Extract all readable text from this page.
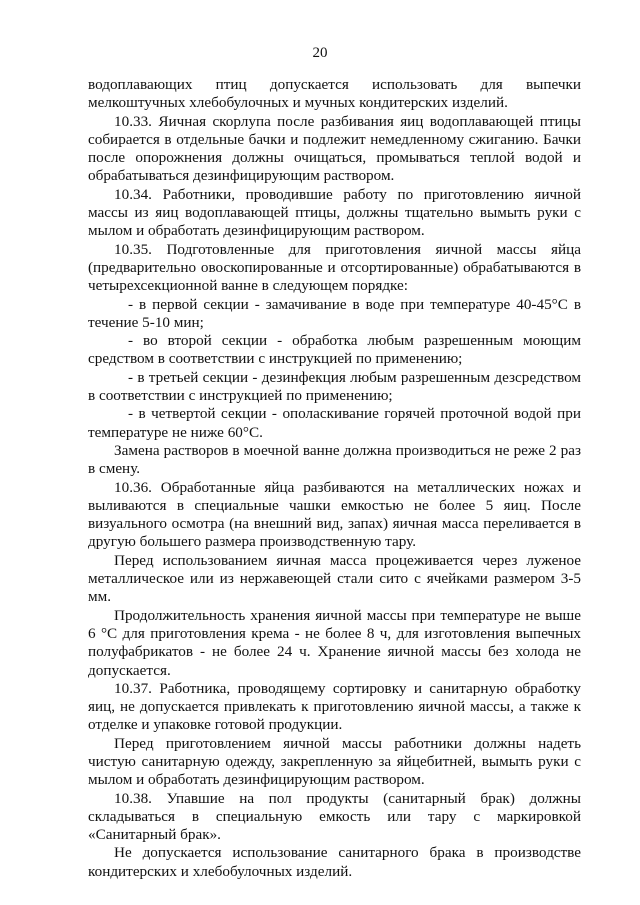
20

водоплавающих птиц допускается использовать для выпечки мелкоштучных хлебобулочных и мучных кондитерских изделий.

10.33. Яичная скорлупа после разбивания яиц водоплавающей птицы собирается в отдельные бачки и подлежит немедленному сжиганию. Бачки после опорожнения должны очищаться, промываться теплой водой и обрабатываться дезинфицирующим раствором.

10.34. Работники, проводившие работу по приготовлению яичной массы из яиц водоплавающей птицы, должны тщательно вымыть руки с мылом и обработать дезинфицирующим раствором.

10.35. Подготовленные для приготовления яичной массы яйца (предварительно овоскопированные и отсортированные) обрабатываются в четырехсекционной ванне в следующем порядке:

- в первой секции - замачивание в воде при температуре 40-45°С в течение 5-10 мин;

- во второй секции - обработка любым разрешенным моющим средством в соответствии с инструкцией по применению;

- в третьей секции - дезинфекция любым разрешенным дезсредством в соответствии с инструкцией по применению;

- в четвертой секции - ополаскивание горячей проточной водой при температуре не ниже 60°С.

Замена растворов в моечной ванне должна производиться не реже 2 раз в смену.

10.36. Обработанные яйца разбиваются на металлических ножах и выливаются в специальные чашки емкостью не более 5 яиц. После визуального осмотра (на внешний вид, запах) яичная масса переливается в другую большего размера производственную тару.

Перед использованием яичная масса процеживается через луженое металлическое или из нержавеющей стали сито с ячейками размером 3-5 мм.

Продолжительность хранения яичной массы при температуре не выше 6 °С для приготовления крема - не более 8 ч, для изготовления выпечных полуфабрикатов - не более 24 ч. Хранение яичной массы без холода не допускается.

10.37. Работника, проводящему сортировку и санитарную обработку яиц, не допускается привлекать к приготовлению яичной массы, а также к отделке и упаковке готовой продукции.

Перед приготовлением яичной массы работники должны надеть чистую санитарную одежду, закрепленную за яйцебитней, вымыть руки с мылом и обработать дезинфицирующим раствором.

10.38. Упавшие на пол продукты (санитарный брак) должны складываться в специальную емкость или тару с маркировкой «Санитарный брак».

Не допускается использование санитарного брака в производстве кондитерских и хлебобулочных изделий.
